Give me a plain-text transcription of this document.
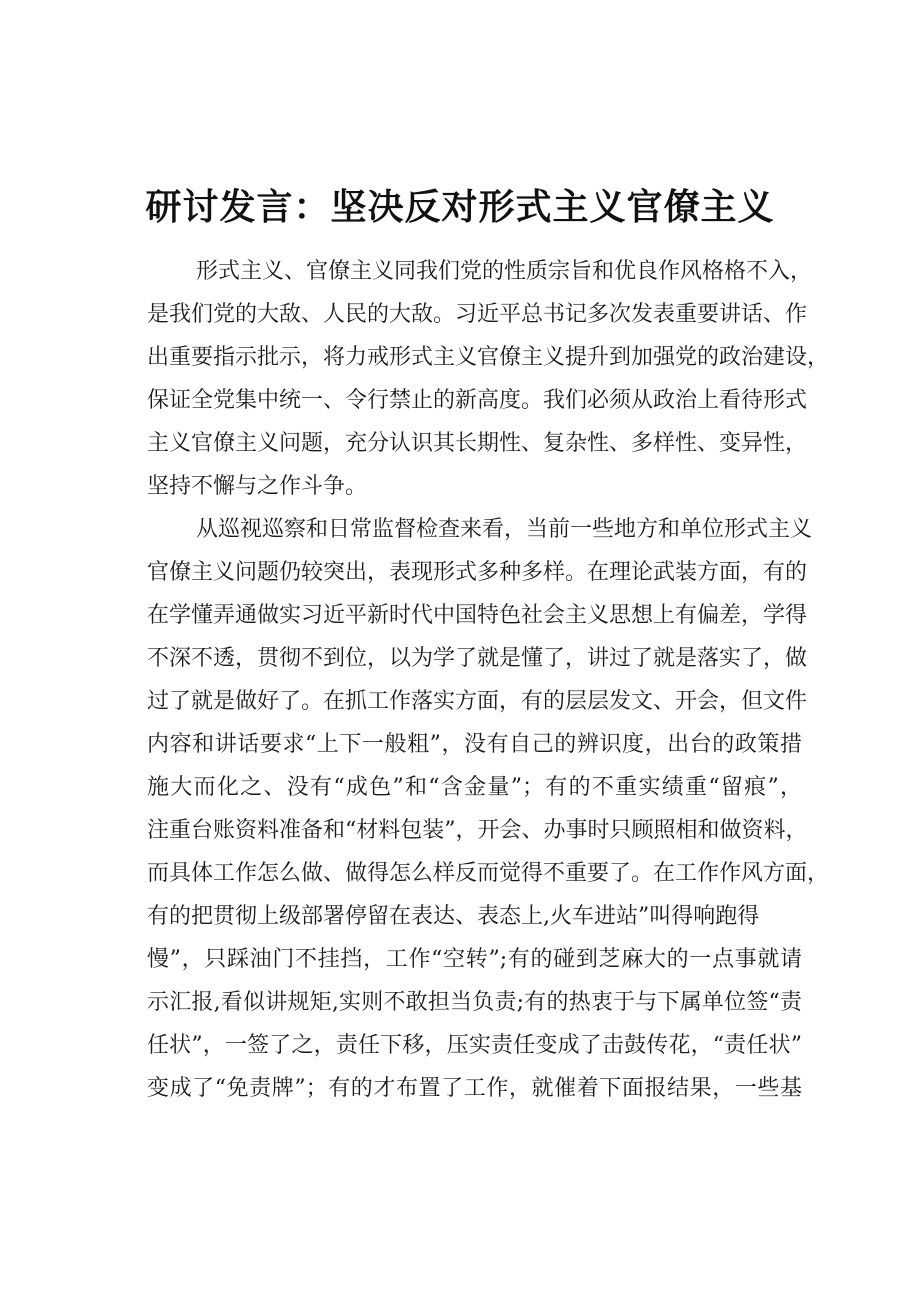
研讨发言：坚决反对形式主义官僚主义
形式主义、官僚主义同我们党的性质宗旨和优良作风格格不入，
是我们党的大敌、人民的大敌。习近平总书记多次发表重要讲话、作
出重要指示批示，将力戒形式主义官僚主义提升到加强党的政治建设，
保证全党集中统一、令行禁止的新高度。我们必须从政治上看待形式
主义官僚主义问题，充分认识其长期性、复杂性、多样性、变异性，
坚持不懈与之作斗争。
从巡视巡察和日常监督检查来看，当前一些地方和单位形式主义
官僚主义问题仍较突出，表现形式多种多样。在理论武装方面，有的
在学懂弄通做实习近平新时代中国特色社会主义思想上有偏差，学得
不深不透，贯彻不到位，以为学了就是懂了，讲过了就是落实了，做
过了就是做好了。在抓工作落实方面，有的层层发文、开会，但文件
内容和讲话要求“上下一般粗”，没有自己的辨识度，出台的政策措
施大而化之、没有“成色”和“含金量”；有的不重实绩重“留痕”，
注重台账资料准备和“材料包装”，开会、办事时只顾照相和做资料，
而具体工作怎么做、做得怎么样反而觉得不重要了。在工作作风方面，
有的把贯彻上级部署停留在表达、表态上,火车进站”叫得响跑得
慢”，只踩油门不挂挡，工作“空转”;有的碰到芝麻大的一点事就请
示汇报,看似讲规矩,实则不敢担当负责;有的热衷于与下属单位签“责
任状”，一签了之，责任下移，压实责任变成了击鼓传花，“责任状”
变成了“免责牌”；有的才布置了工作，就催着下面报结果，一些基
